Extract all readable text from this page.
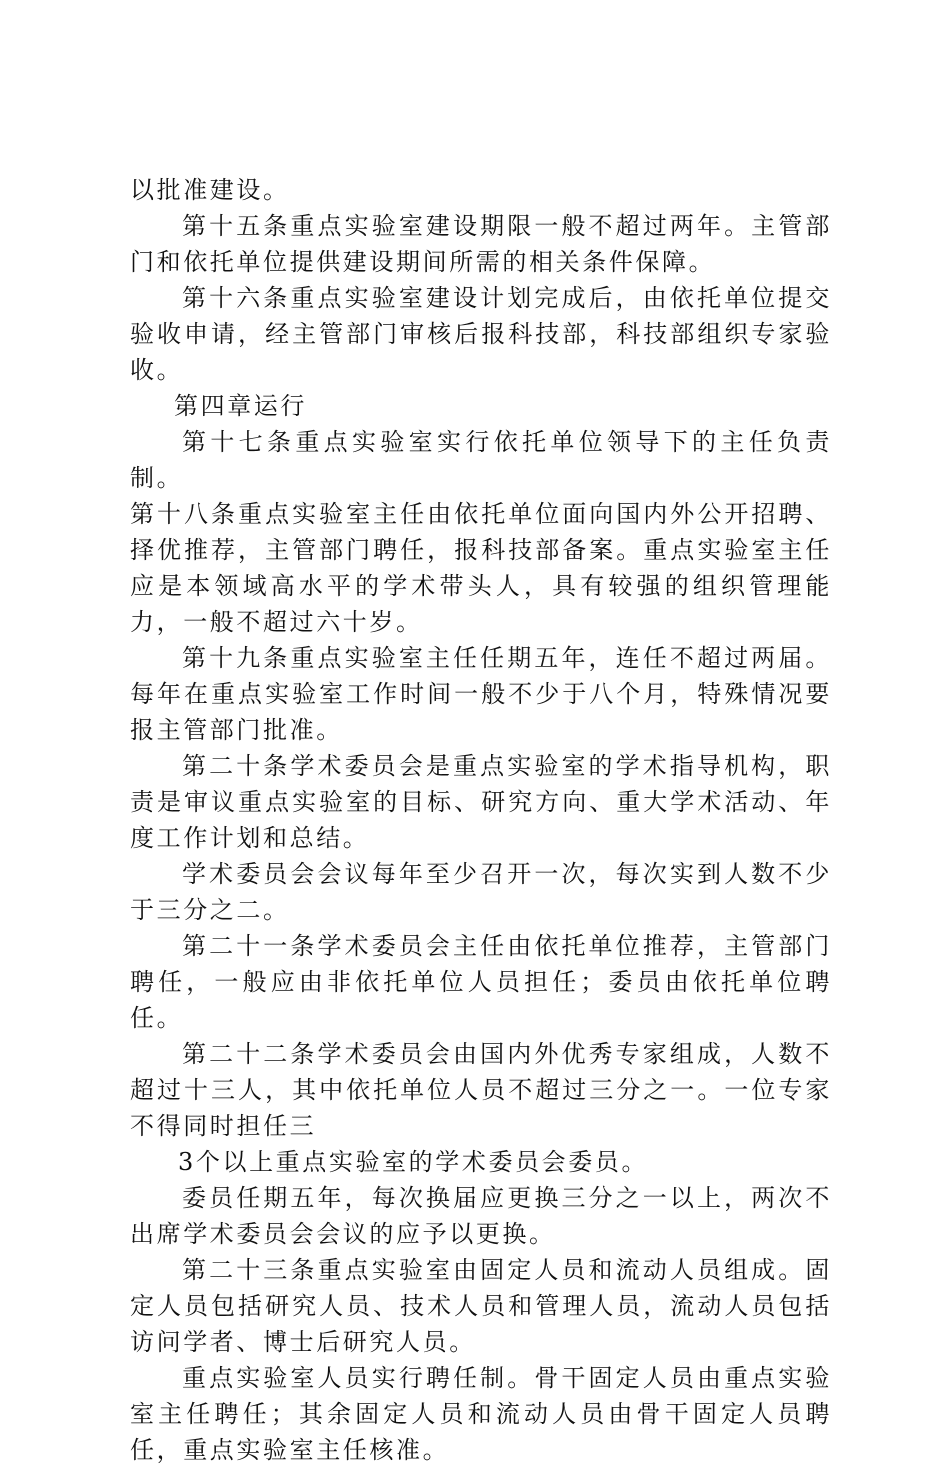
以批准建设。

第十五条重点实验室建设期限一般不超过两年。主管部门和依托单位提供建设期间所需的相关条件保障。

第十六条重点实验室建设计划完成后，由依托单位提交验收申请，经主管部门审核后报科技部，科技部组织专家验收。

第四章运行

第十七条重点实验室实行依托单位领导下的主任负责制。

第十八条重点实验室主任由依托单位面向国内外公开招聘、择优推荐，主管部门聘任，报科技部备案。重点实验室主任应是本领域高水平的学术带头人，具有较强的组织管理能力，一般不超过六十岁。

第十九条重点实验室主任任期五年，连任不超过两届。每年在重点实验室工作时间一般不少于八个月，特殊情况要报主管部门批准。

第二十条学术委员会是重点实验室的学术指导机构，职责是审议重点实验室的目标、研究方向、重大学术活动、年度工作计划和总结。

学术委员会会议每年至少召开一次，每次实到人数不少于三分之二。

第二十一条学术委员会主任由依托单位推荐，主管部门聘任，一般应由非依托单位人员担任；委员由依托单位聘任。

第二十二条学术委员会由国内外优秀专家组成，人数不超过十三人，其中依托单位人员不超过三分之一。一位专家不得同时担任三

3个以上重点实验室的学术委员会委员。

委员任期五年，每次换届应更换三分之一以上，两次不出席学术委员会会议的应予以更换。

第二十三条重点实验室由固定人员和流动人员组成。固定人员包括研究人员、技术人员和管理人员，流动人员包括访问学者、博士后研究人员。

重点实验室人员实行聘任制。骨干固定人员由重点实验室主任聘任；其余固定人员和流动人员由骨干固定人员聘任，重点实验室主任核准。
